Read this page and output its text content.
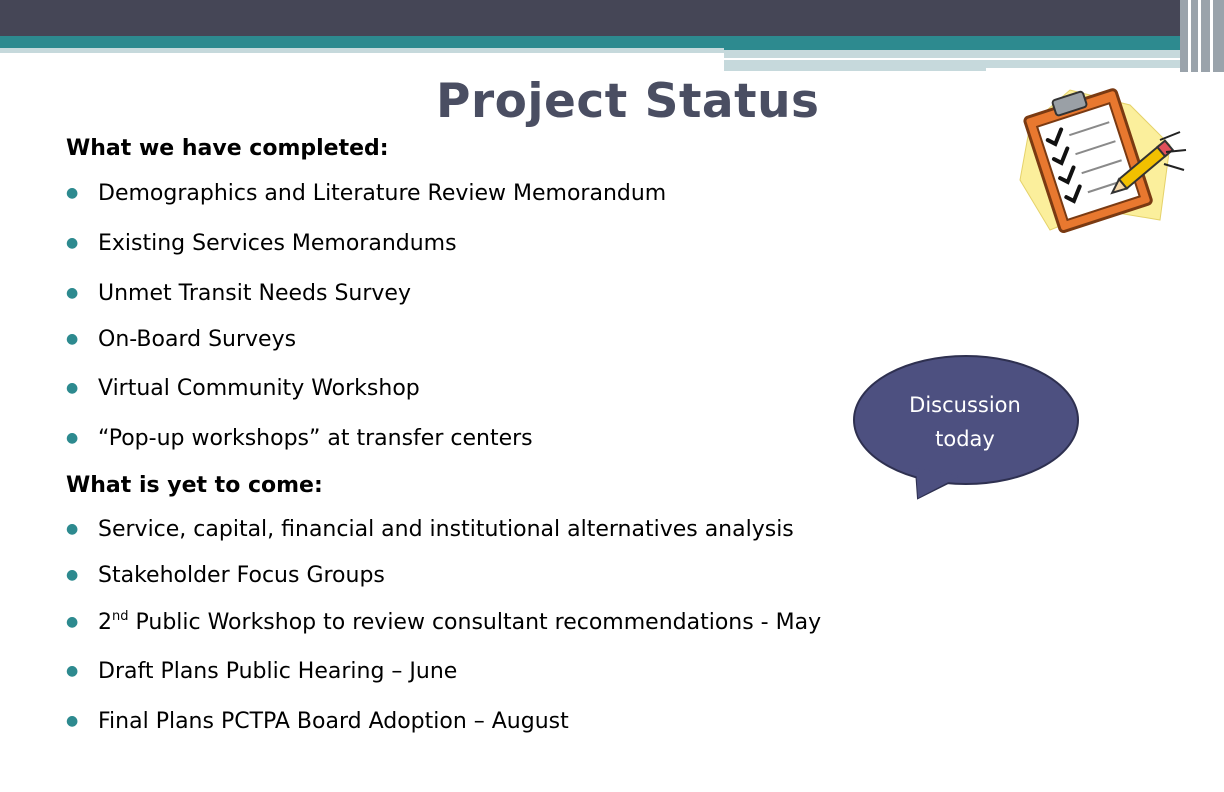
Project Status
What we have completed:
● Demographics and Literature Review Memorandum
● Existing Services Memorandums
● Unmet Transit Needs Survey
● On-Board Surveys
● Virtual Community Workshop
● “Pop-up workshops” at transfer centers
What is yet to come:
● Service, capital, financial and institutional alternatives analysis
● Stakeholder Focus Groups
● 2nd Public Workshop to review consultant recommendations - May
● Draft Plans Public Hearing – June
● Final Plans PCTPA Board Adoption – August
Discussion
today
